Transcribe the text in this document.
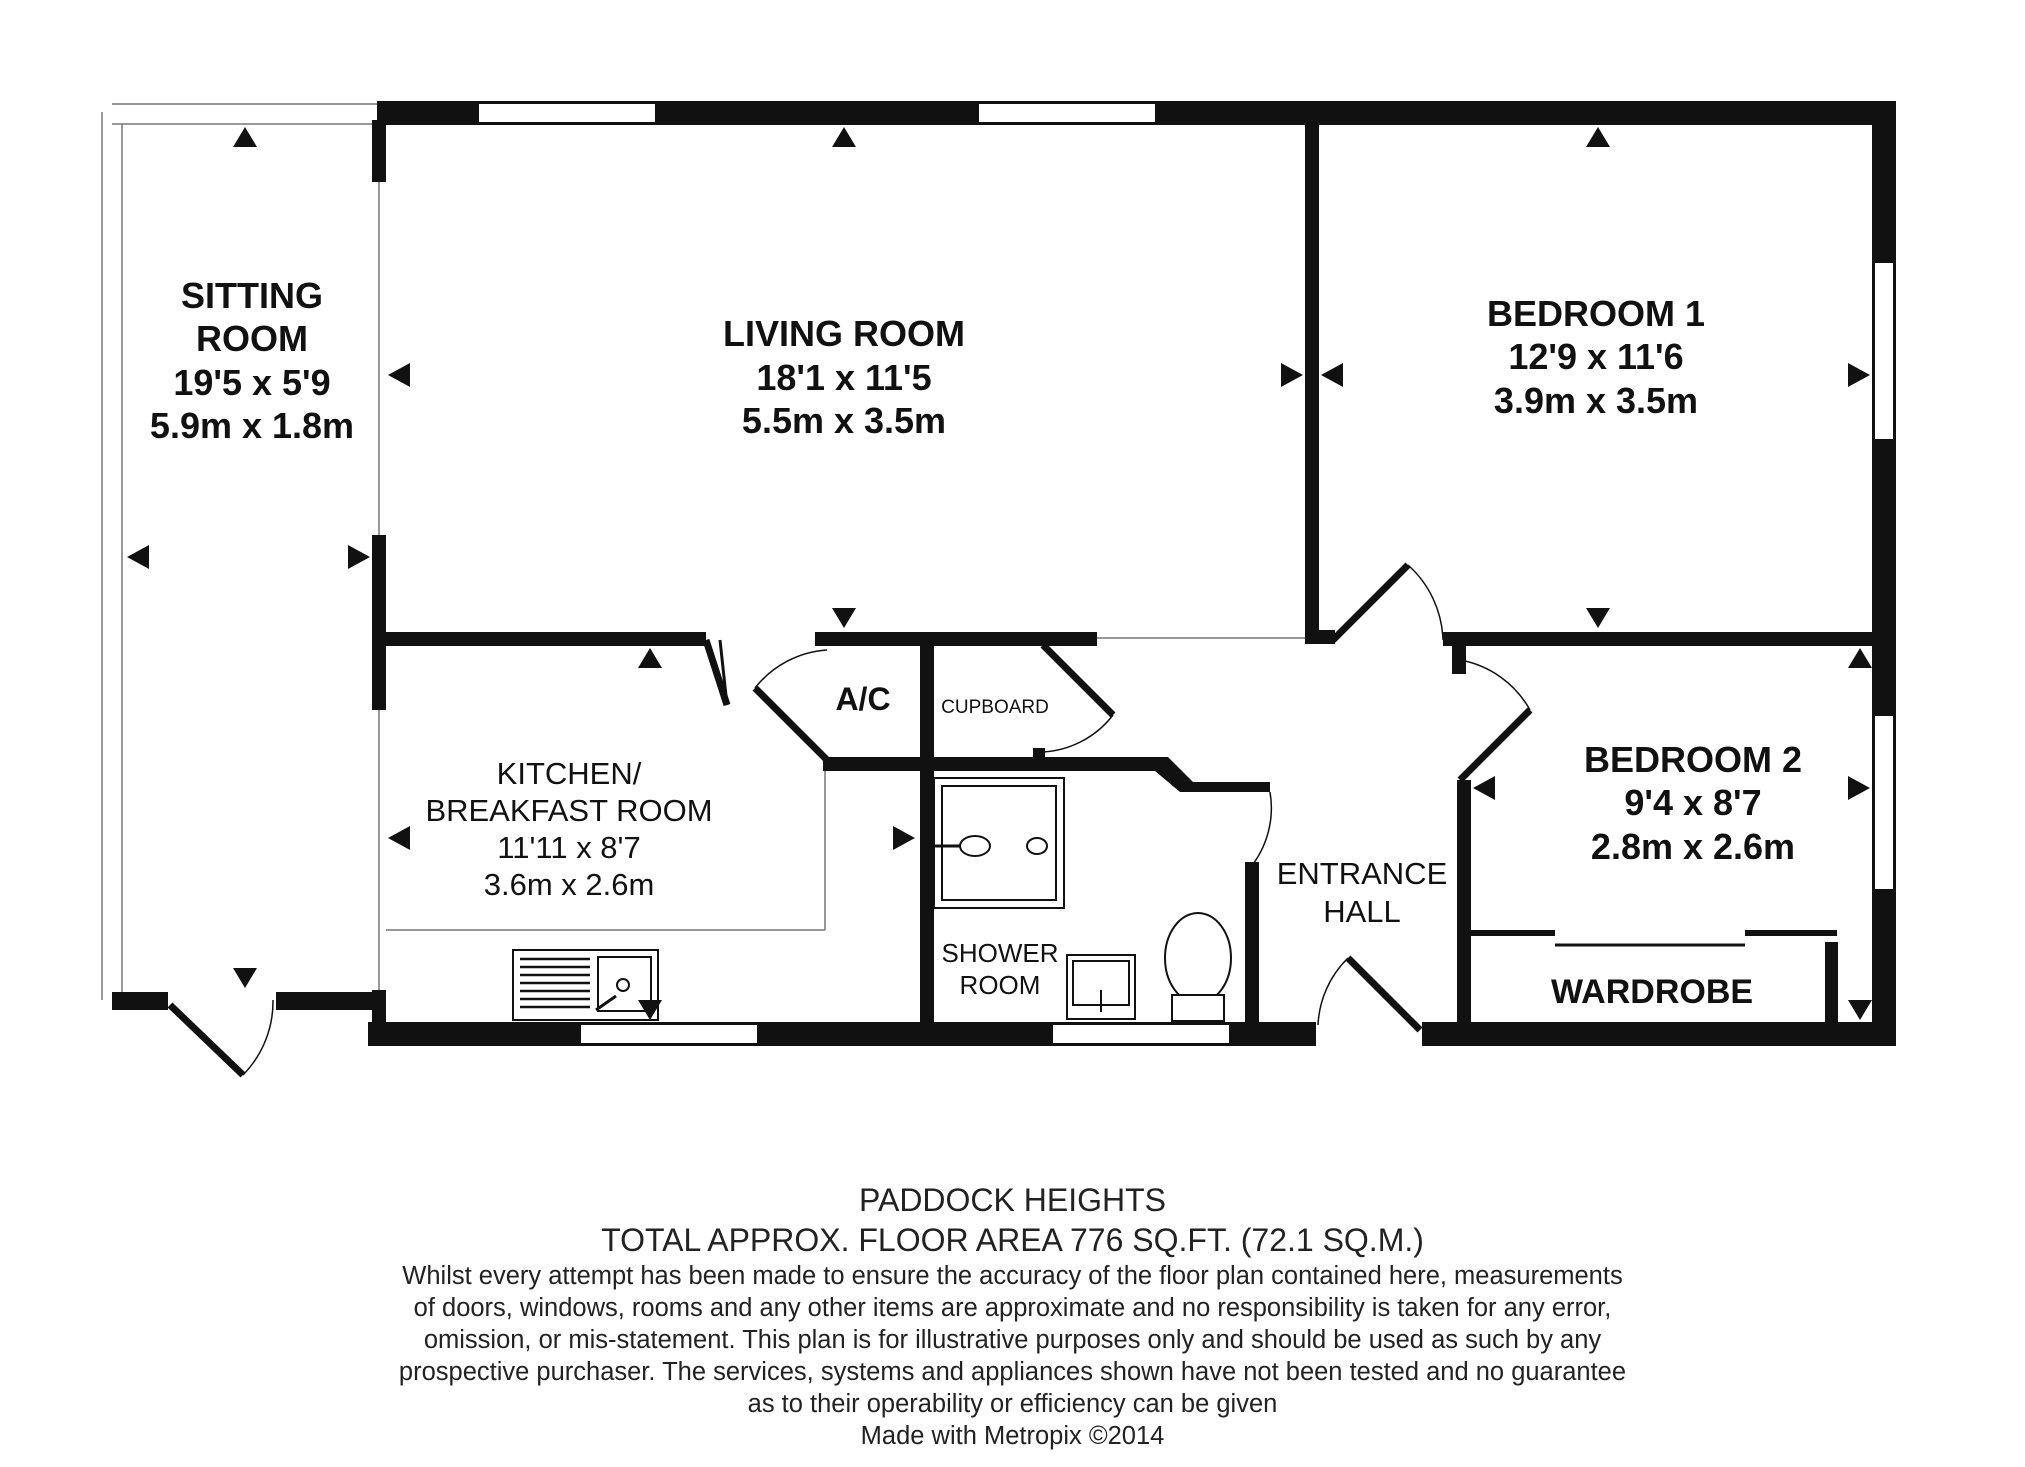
SITTING
ROOM
19'5 x 5'9
5.9m x 1.8m
LIVING ROOM
18'1 x 11'5
5.5m x 3.5m
BEDROOM 1
12'9 x 11'6
3.9m x 3.5m
BEDROOM 2
9'4 x 8'7
2.8m x 2.6m
KITCHEN/
BREAKFAST ROOM
11'11 x 8'7
3.6m x 2.6m
A/C	CUPBOARD
SHOWER
ROOM
ENTRANCE
HALL
WARDROBE
PADDOCK HEIGHTS
TOTAL APPROX. FLOOR AREA 776 SQ.FT. (72.1 SQ.M.)
Whilst every attempt has been made to ensure the accuracy of the floor plan contained here, measurements
of doors, windows, rooms and any other items are approximate and no responsibility is taken for any error,
omission, or mis-statement. This plan is for illustrative purposes only and should be used as such by any
prospective purchaser. The services, systems and appliances shown have not been tested and no guarantee
as to their operability or efficiency can be given
Made with Metropix ©2014
